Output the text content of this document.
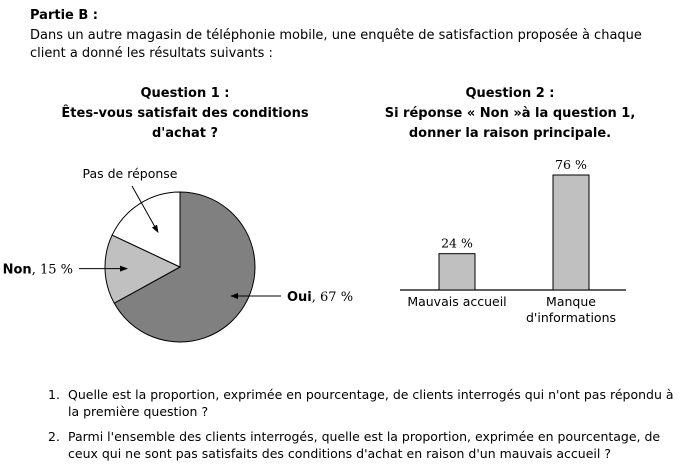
Partie B :
Dans un autre magasin de téléphonie mobile, une enquête de satisfaction proposée à chaque client a donné les résultats suivants :
Question 1 :
Êtes-vous satisfait des conditions
d'achat ?
Question 2 :
Si réponse « Non »à la question 1,
donner la raison principale.
Oui, 67 %
Non, 15 %
Pas de réponse
24 %
Mauvais accueil
76 %
Manque
d'informations
1. Quelle est la proportion, exprimée en pourcentage, de clients interrogés qui n'ont pas répondu à la première question ?
2. Parmi l'ensemble des clients interrogés, quelle est la proportion, exprimée en pourcentage, de ceux qui ne sont pas satisfaits des conditions d'achat en raison d'un mauvais accueil ?
